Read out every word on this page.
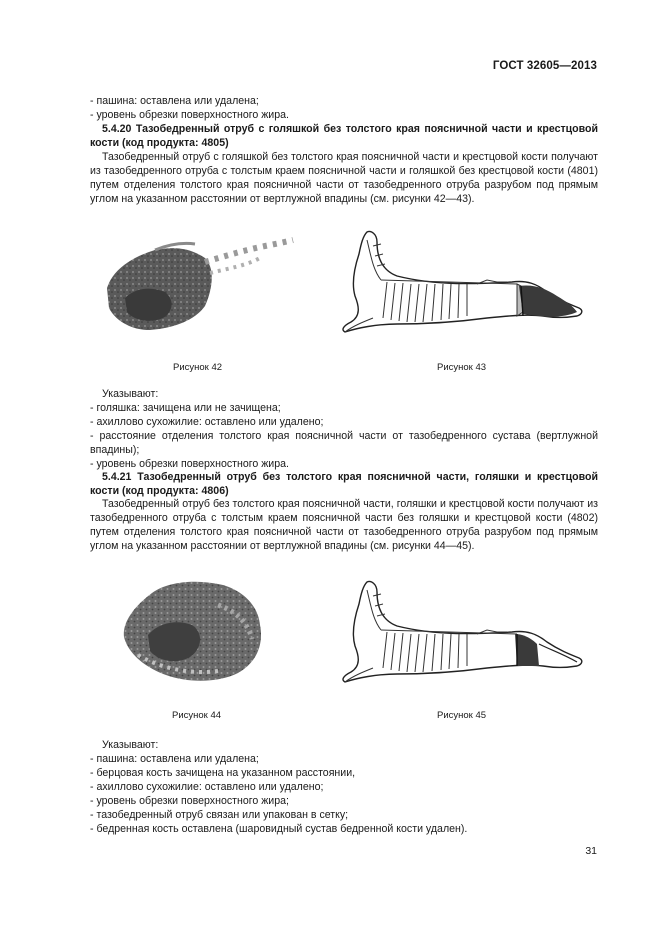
ГОСТ 32605—2013

- пашина: оставлена или удалена;

- уровень обрезки поверхностного жира.

5.4.20 Тазобедренный отруб с голяшкой без толстого края поясничной части и крестцовой кости (код продукта: 4805)
Тазобедренный отруб с голяшкой без толстого края поясничной части и крестцовой кости получают из тазобедренного отруба с толстым краем поясничной части и голяшкой без крестцовой кости (4801) путем отделения толстого края поясничной части от тазобедренного отруба разрубом под прямым углом на указанном расстоянии от вертлужной впадины (см. рисунки 42—43).
Рисунок 42	Рисунок 43

Указывают:

- голяшка: зачищена или не зачищена;

- ахиллово сухожилие: оставлено или удалено;

- расстояние отделения толстого края поясничной части от тазобедренного сустава (вертлужной впадины);

- уровень обрезки поверхностного жира.

5.4.21 Тазобедренный отруб без толстого края поясничной части, голяшки и крестцовой кости (код продукта: 4806)
Тазобедренный отруб без толстого края поясничной части, голяшки и крестцовой кости получают из тазобедренного отруба с толстым краем поясничной части без голяшки и крестцовой кости (4802) путем отделения толстого края поясничной части от тазобедренного отруба разрубом под прямым углом на указанном расстоянии от вертлужной впадины (см. рисунки 44—45).
Рисунок 44	Рисунок 45

Указывают:

- пашина: оставлена или удалена;

- берцовая кость зачищена на указанном расстоянии,

- ахиллово сухожилие: оставлено или удалено;

- уровень обрезки поверхностного жира;

- тазобедренный отруб связан или упакован в сетку;

- бедренная кость оставлена (шаровидный сустав бедренной кости удален).

31
